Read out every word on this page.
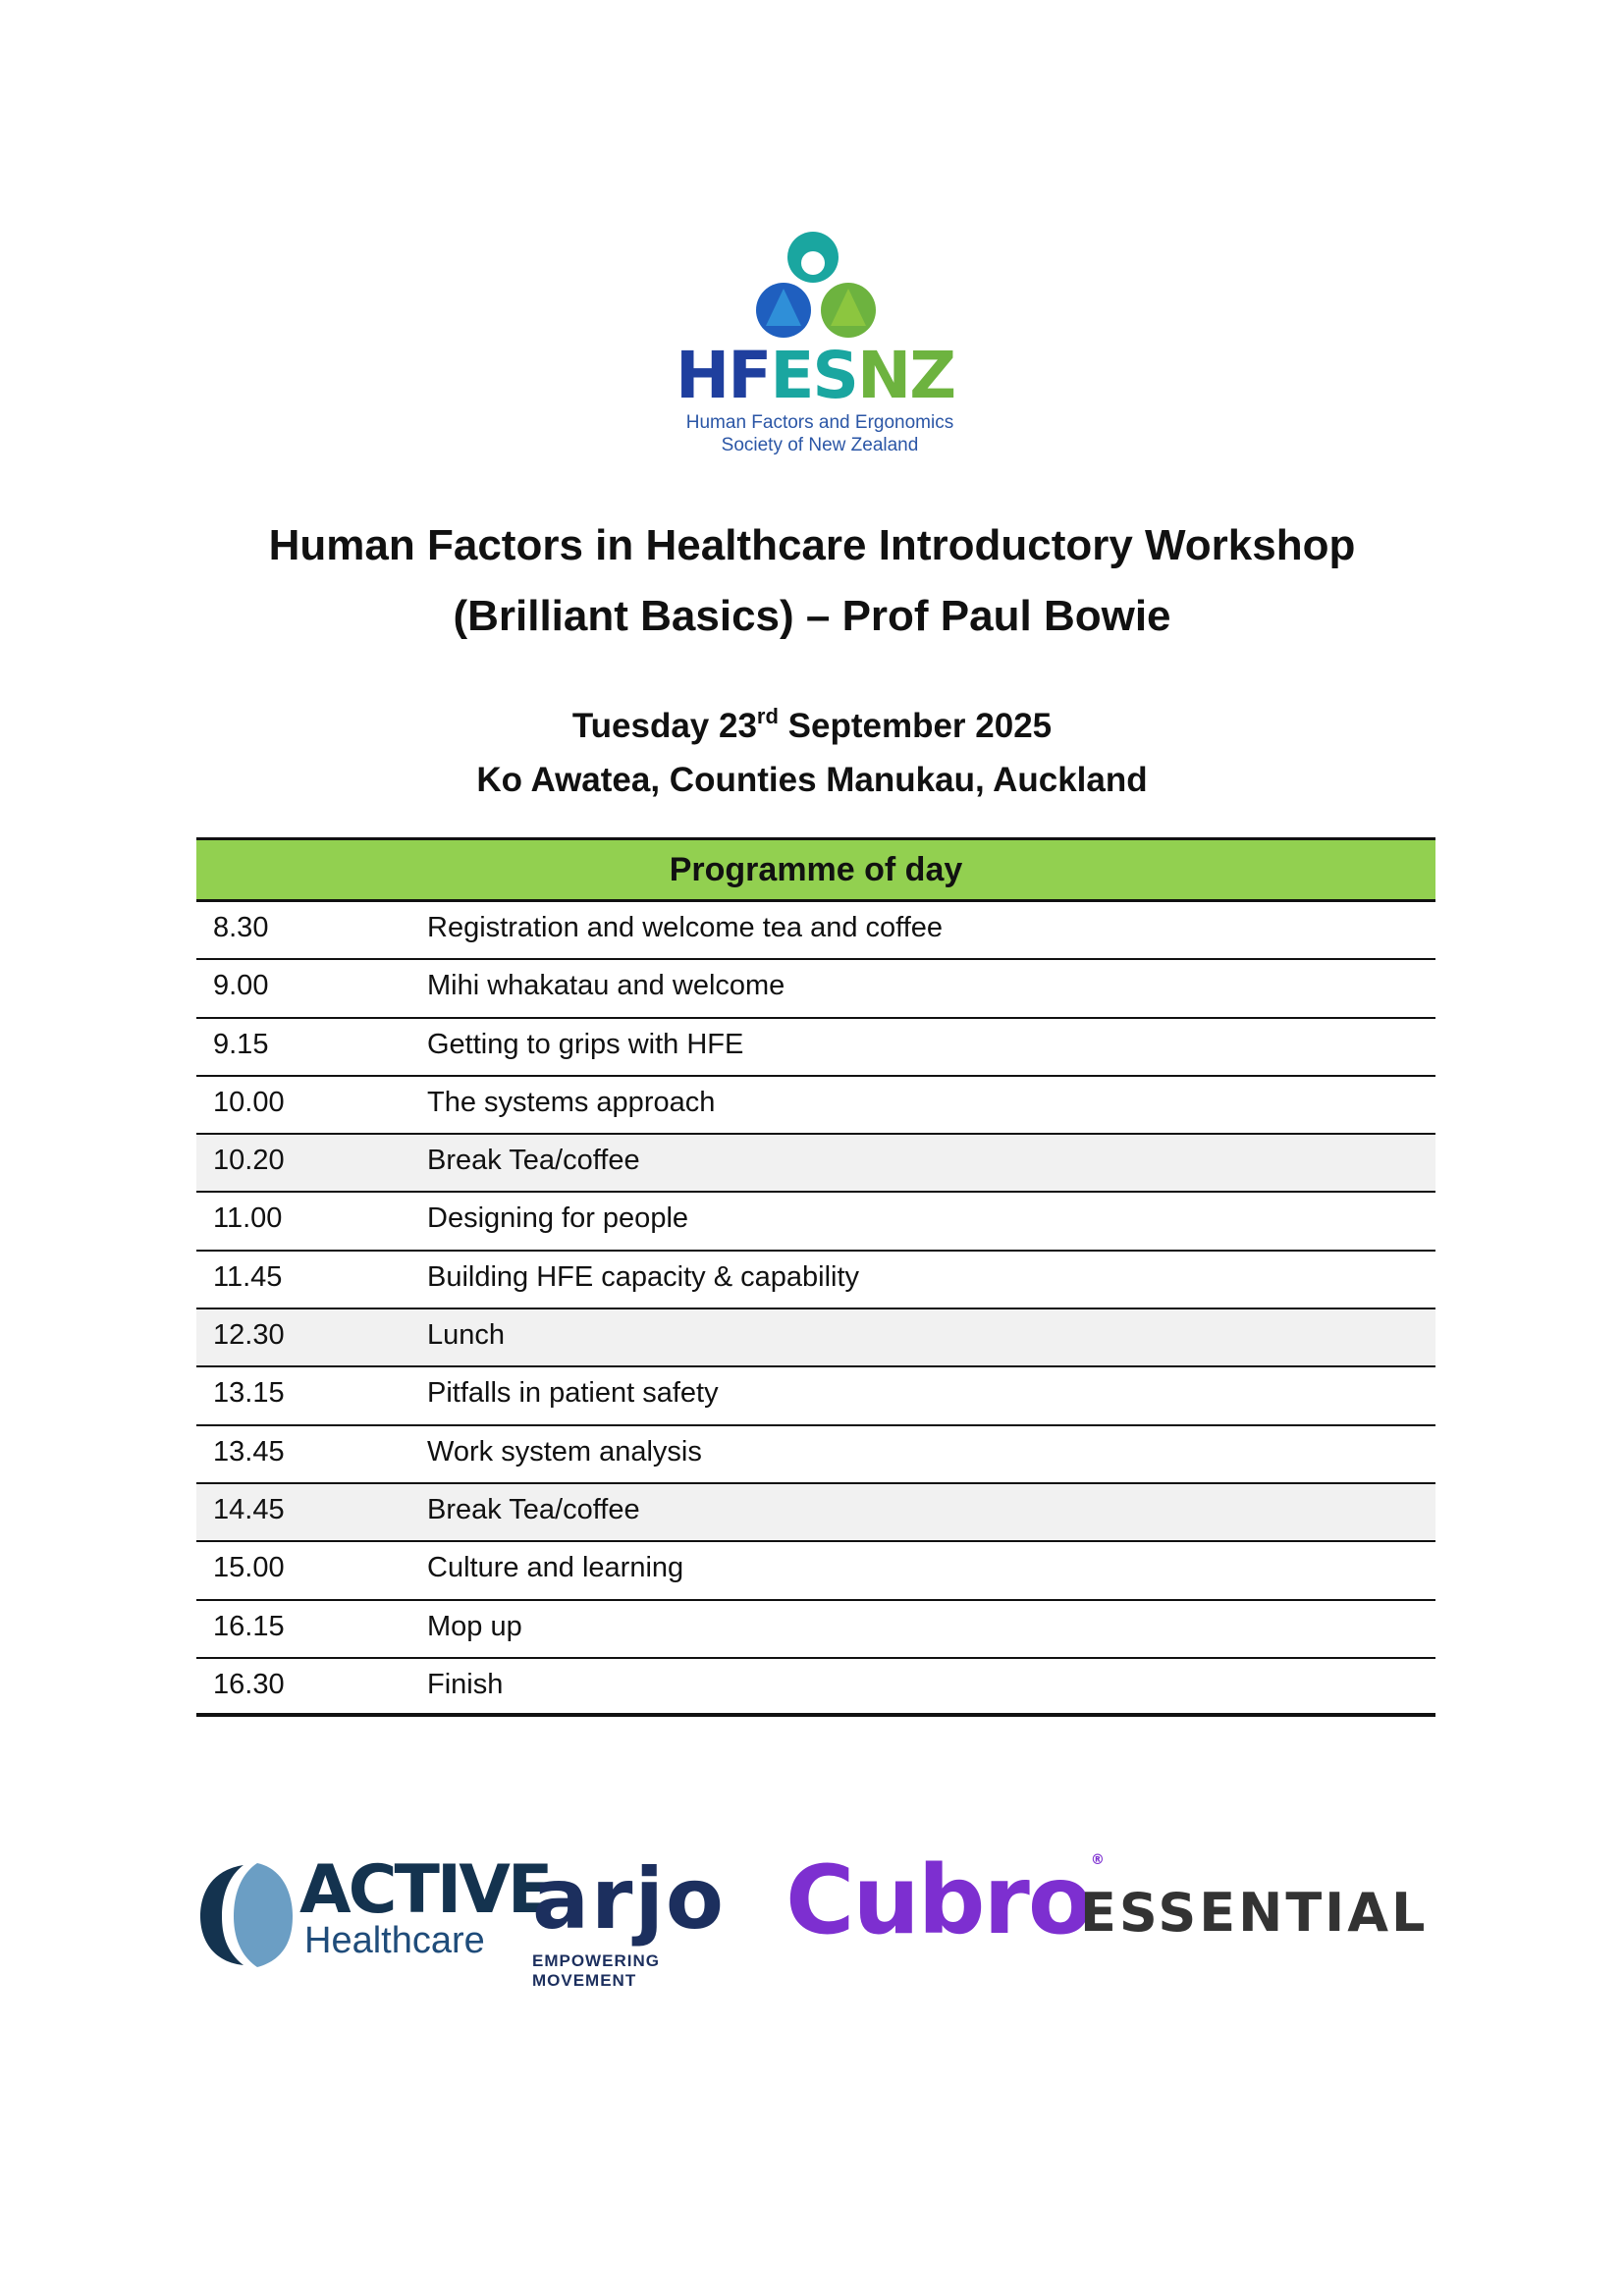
HFESNZ
Human Factors and Ergonomics
Society of New Zealand
Human Factors in Healthcare Introductory Workshop
(Brilliant Basics) – Prof Paul Bowie
Tuesday 23rd September 2025
Ko Awatea, Counties Manukau, Auckland
Programme of day
8.30	Registration and welcome tea and coffee
9.00	Mihi whakatau and welcome
9.15	Getting to grips with HFE
10.00	The systems approach
10.20	Break Tea/coffee
11.00	Designing for people
11.45	Building HFE capacity & capability
12.30	Lunch
13.15	Pitfalls in patient safety
13.45	Work system analysis
14.45	Break Tea/coffee
15.00	Culture and learning
16.15	Mop up
16.30	Finish
ACTIVE
Healthcare arjo
EMPOWERING MOVEMENT
Cubro®
ESSENTIAL
